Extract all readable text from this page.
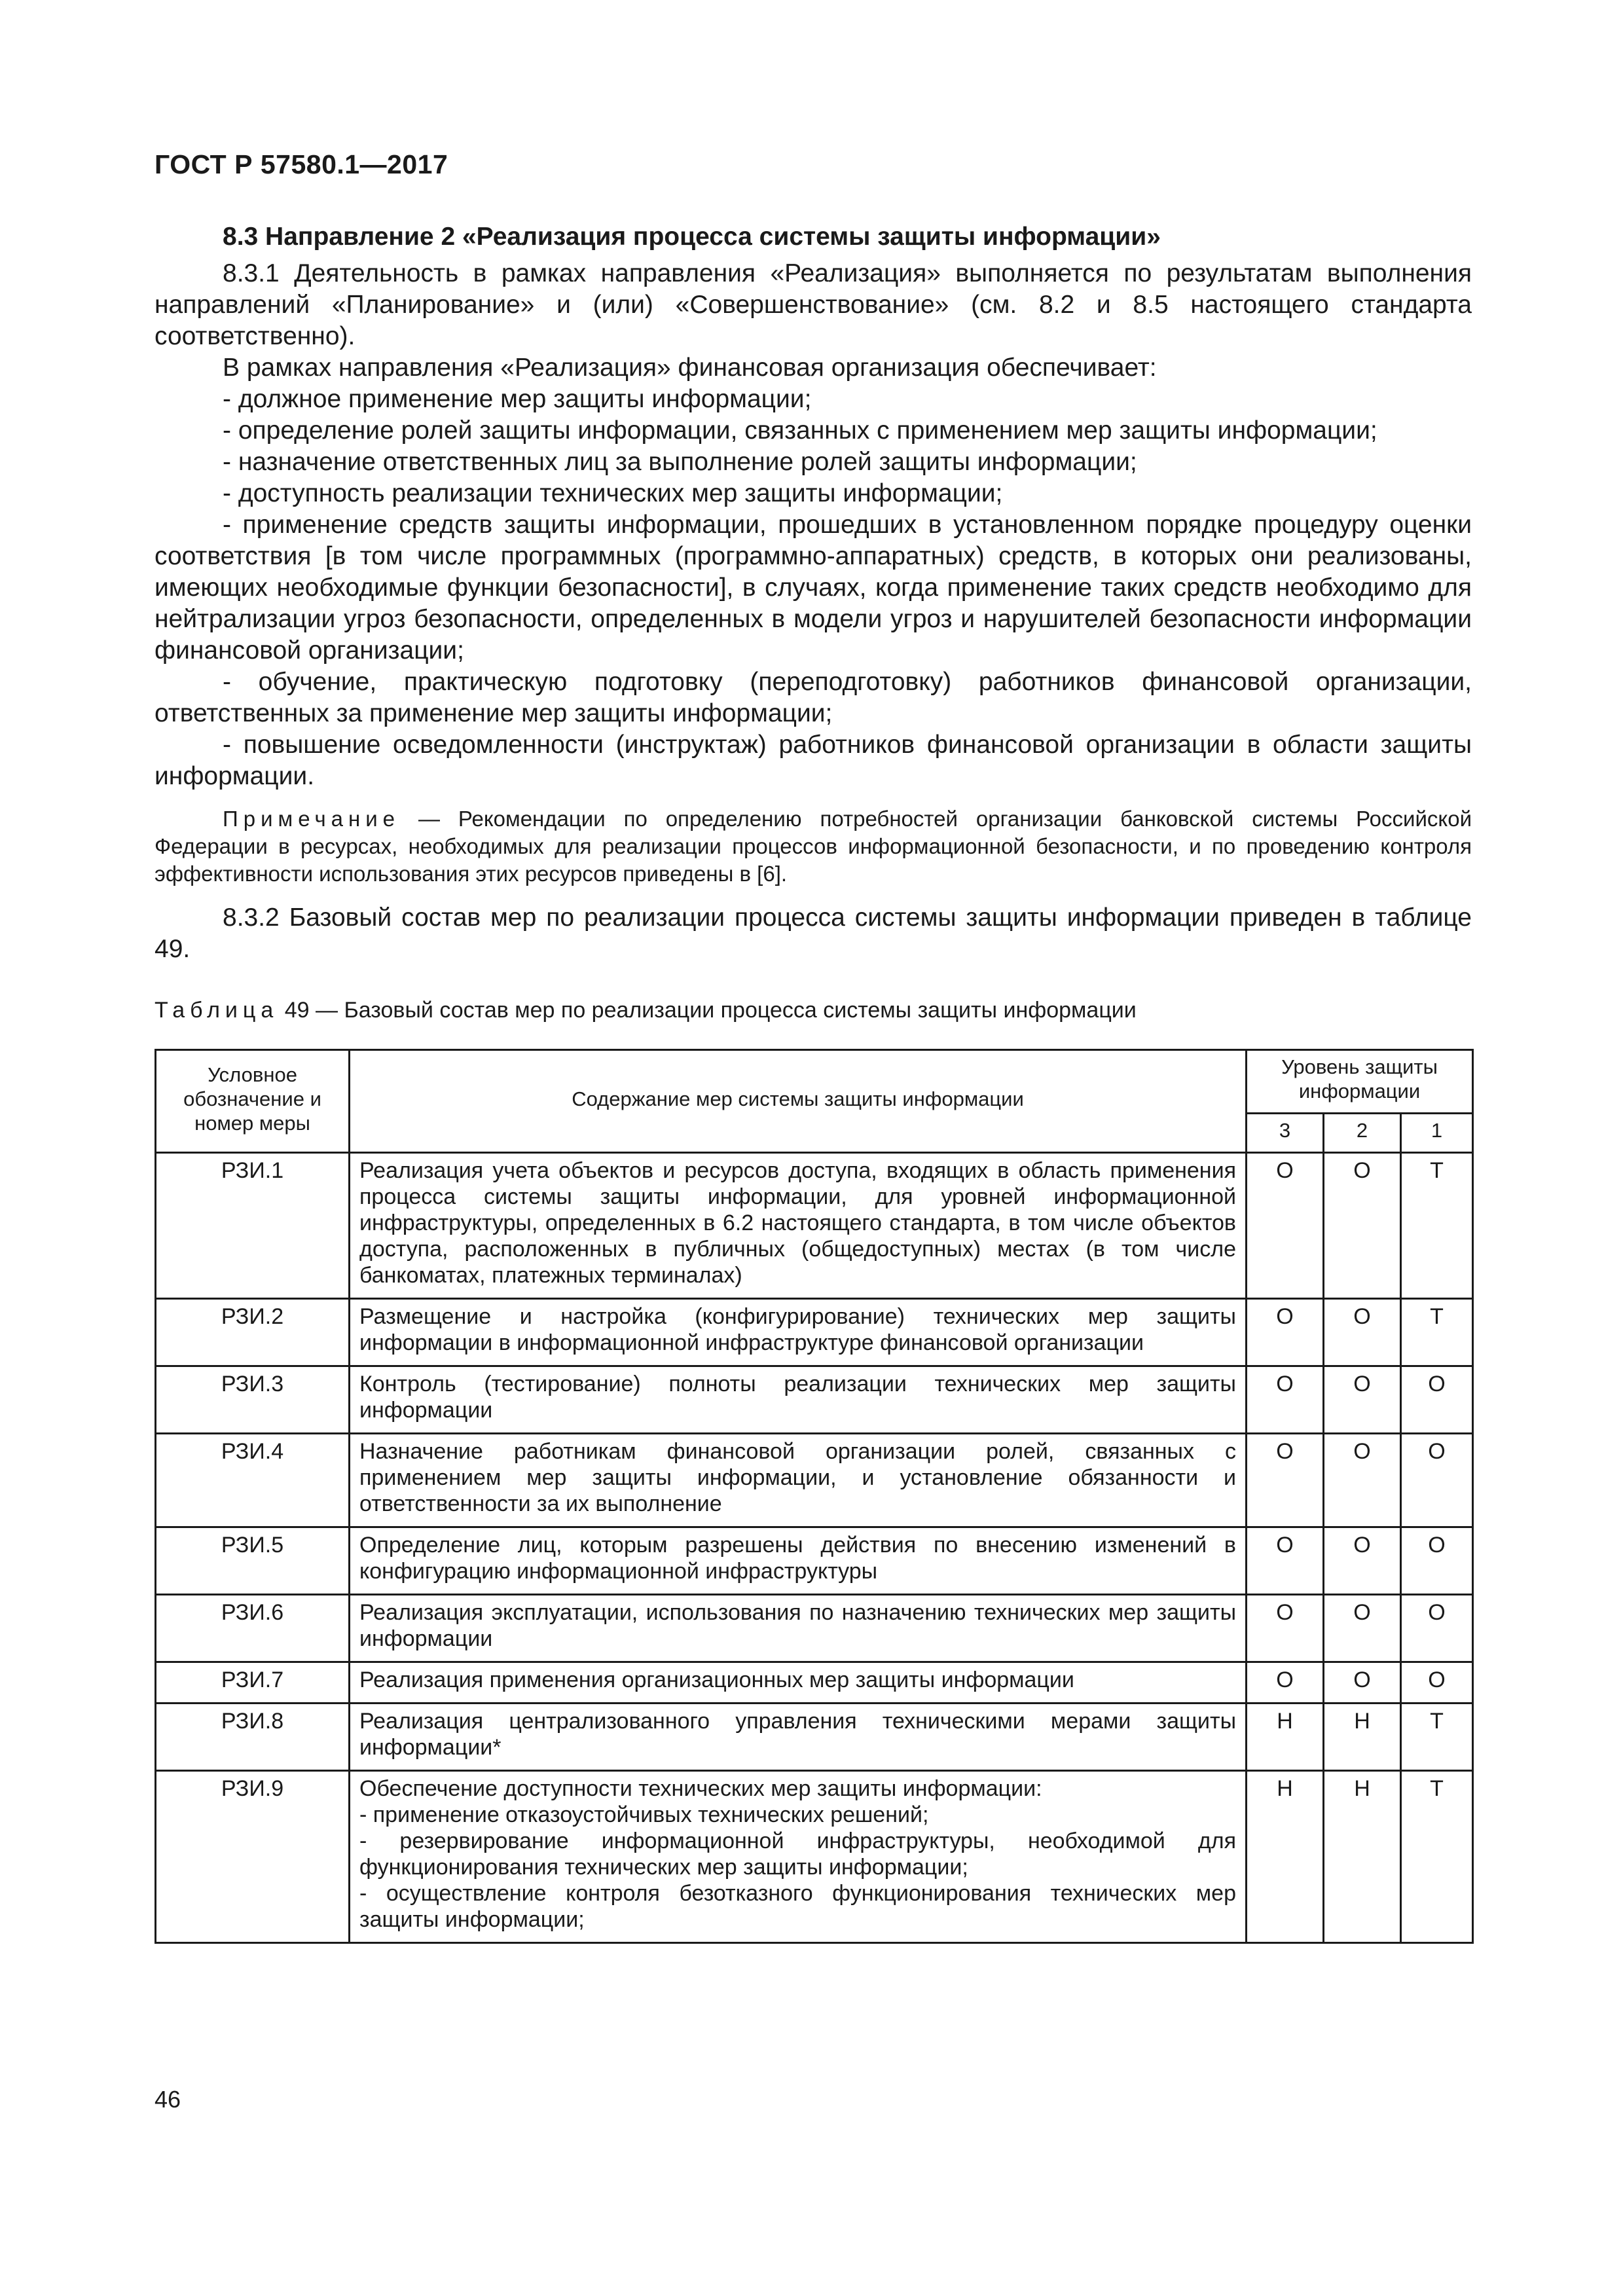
ГОСТ Р 57580.1—2017

8.3 Направление 2 «Реализация процесса системы защиты информации»

8.3.1 Деятельность в рамках направления «Реализация» выполняется по результатам выполнения направлений «Планирование» и (или) «Совершенствование» (см. 8.2 и 8.5 настоящего стандарта соответственно).

В рамках направления «Реализация» финансовая организация обеспечивает:

- должное применение мер защиты информации;
- определение ролей защиты информации, связанных с применением мер защиты информации;
- назначение ответственных лиц за выполнение ролей защиты информации;
- доступность реализации технических мер защиты информации;
- применение средств защиты информации, прошедших в установленном порядке процедуру оценки соответствия [в том числе программных (программно-аппаратных) средств, в которых они реализованы, имеющих необходимые функции безопасности], в случаях, когда применение таких средств необходимо для нейтрализации угроз безопасности, определенных в модели угроз и нарушителей безопасности информации финансовой организации;
- обучение, практическую подготовку (переподготовку) работников финансовой организации, ответственных за применение мер защиты информации;
- повышение осведомленности (инструктаж) работников финансовой организации в области защиты информации.

Примечание — Рекомендации по определению потребностей организации банковской системы Российской Федерации в ресурсах, необходимых для реализации процессов информационной безопасности, и по проведению контроля эффективности использования этих ресурсов приведены в [6].

8.3.2 Базовый состав мер по реализации процесса системы защиты информации приведен в таблице 49.

Таблица 49 — Базовый состав мер по реализации процесса системы защиты информации
Условное обозначение и номер меры	Содержание мер системы защиты информации	Уровень защиты информации		
		3	2	1
РЗИ.1	Реализация учета объектов и ресурсов доступа, входящих в область применения процесса системы защиты информации, для уровней информационной инфраструктуры, определенных в 6.2 настоящего стандарта, в том числе объектов доступа, расположенных в публичных (общедоступных) местах (в том числе банкоматах, платежных терминалах)	О	О	Т
РЗИ.2	Размещение и настройка (конфигурирование) технических мер защиты информации в информационной инфраструктуре финансовой организации	О	О	Т
РЗИ.3	Контроль (тестирование) полноты реализации технических мер защиты информации	О	О	О
РЗИ.4	Назначение работникам финансовой организации ролей, связанных с применением мер защиты информации, и установление обязанности и ответственности за их выполнение	О	О	О
РЗИ.5	Определение лиц, которым разрешены действия по внесению изменений в конфигурацию информационной инфраструктуры	О	О	О
РЗИ.6	Реализация эксплуатации, использования по назначению технических мер защиты информации	О	О	О
РЗИ.7	Реализация применения организационных мер защиты информации	О	О	О
РЗИ.8	Реализация централизованного управления техническими мерами защиты информации*	Н	Н	Т
РЗИ.9	Обеспечение доступности технических мер защиты информации:
- применение отказоустойчивых технических решений;
- резервирование информационной инфраструктуры, необходимой для функционирования технических мер защиты информации;
- осуществление контроля безотказного функционирования технических мер защиты информации;	Н	Н	Т
46
